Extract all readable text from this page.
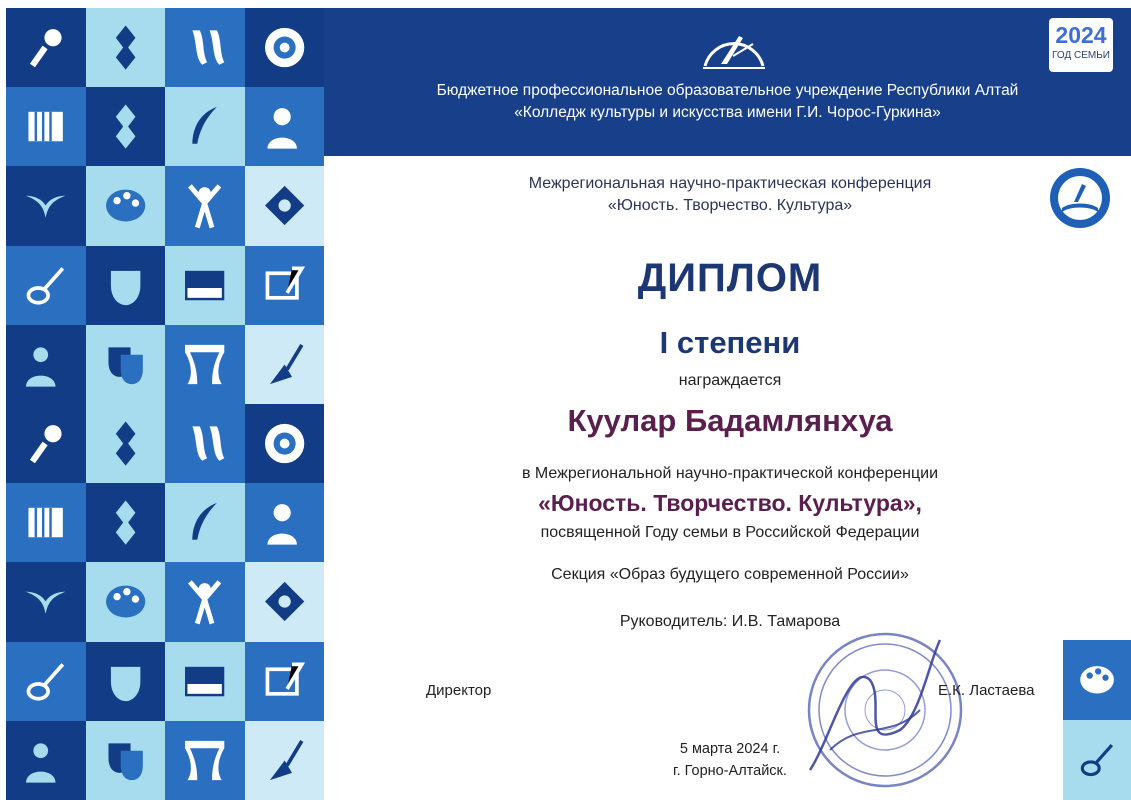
2024
ГОД СЕМЬИ
Бюджетное профессиональное образовательное учреждение Республики Алтай
«Колледж культуры и искусства имени Г.И. Чорос-Гуркина»
Межрегиональная научно-практическая конференция
«Юность. Творчество. Культура»
ДИПЛОМ
I степени
награждается
Куулар Бадамлянхуа
в Межрегиональной научно-практической конференции
«Юность. Творчество. Культура»,
посвященной Году семьи в Российской Федерации
Секция «Образ будущего современной России»
Руководитель: И.В. Тамарова
Директор	Е.К. Ластаева
5 марта 2024 г.
г. Горно-Алтайск.
